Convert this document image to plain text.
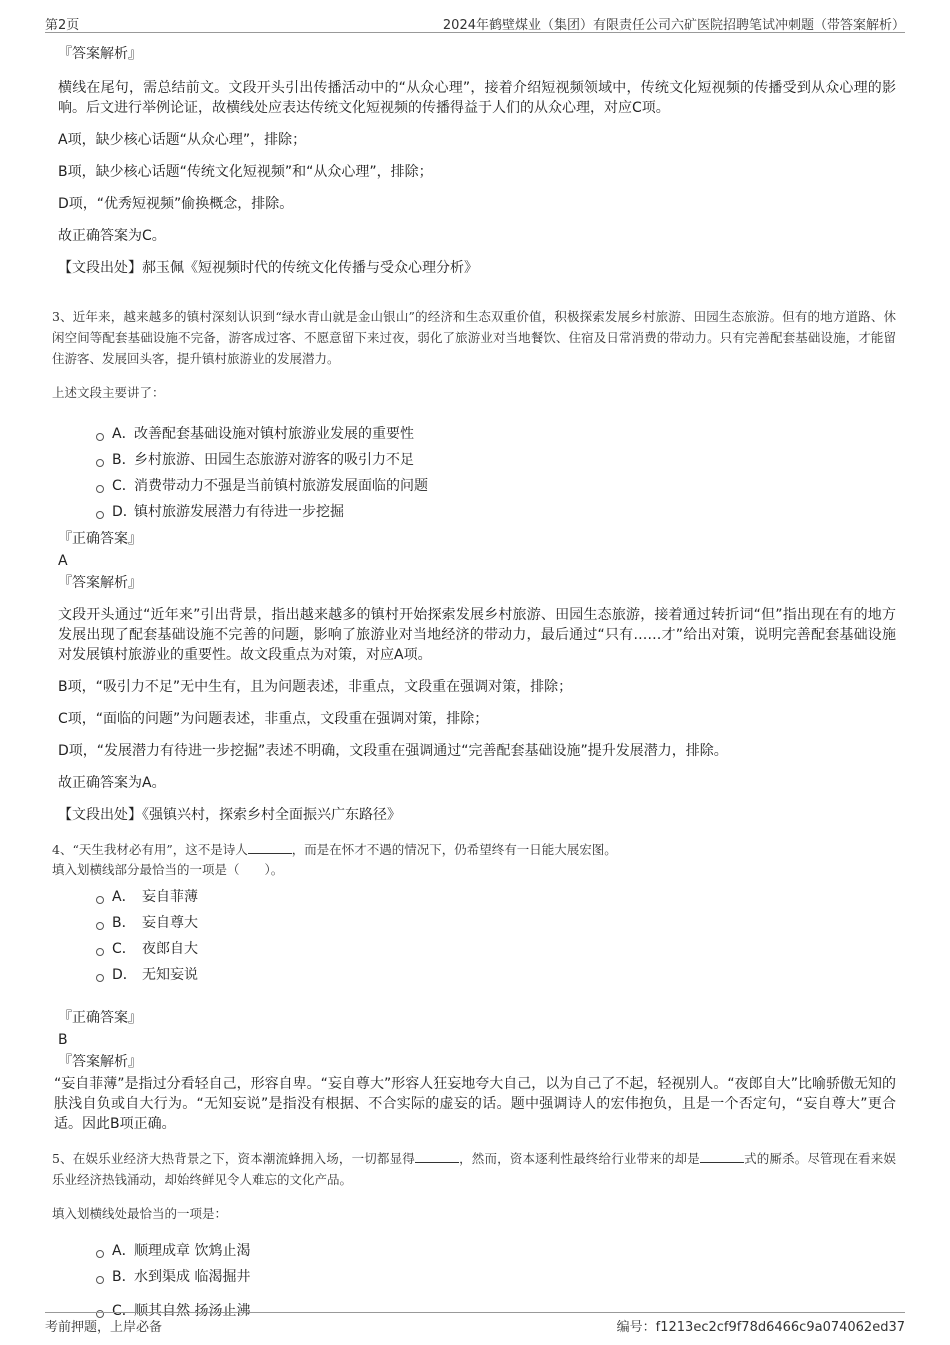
第2页	2024年鹤壁煤业（集团）有限责任公司六矿医院招聘笔试冲刺题（带答案解析）
『答案解析』
横线在尾句，需总结前文。文段开头引出传播活动中的“从众心理”，接着介绍短视频领域中，传统文化短视频的传播受到从众心理的影响。后文进行举例论证，故横线处应表达传统文化短视频的传播得益于人们的从众心理，对应C项。
A项，缺少核心话题“从众心理”，排除；
B项，缺少核心话题“传统文化短视频”和“从众心理”，排除；
D项，“优秀短视频”偷换概念，排除。
故正确答案为C。
【文段出处】郝玉佩《短视频时代的传统文化传播与受众心理分析》
3、近年来，越来越多的镇村深刻认识到“绿水青山就是金山银山”的经济和生态双重价值，积极探索发展乡村旅游、田园生态旅游。但有的地方道路、休闲空间等配套基础设施不完备，游客成过客、不愿意留下来过夜，弱化了旅游业对当地餐饮、住宿及日常消费的带动力。只有完善配套基础设施，才能留住游客、发展回头客，提升镇村旅游业的发展潜力。
上述文段主要讲了：
A．
改善配套基础设施对镇村旅游业发展的重要性
B．
乡村旅游、田园生态旅游对游客的吸引力不足
C．
消费带动力不强是当前镇村旅游发展面临的问题
D．
镇村旅游发展潜力有待进一步挖掘
『正确答案』
A
『答案解析』
文段开头通过“近年来”引出背景，指出越来越多的镇村开始探索发展乡村旅游、田园生态旅游，接着通过转折词“但”指出现在有的地方发展出现了配套基础设施不完善的问题，影响了旅游业对当地经济的带动力，最后通过“只有……才”给出对策，说明完善配套基础设施对发展镇村旅游业的重要性。故文段重点为对策，对应A项。
B项，“吸引力不足”无中生有，且为问题表述，非重点，文段重在强调对策，排除；
C项，“面临的问题”为问题表述，非重点，文段重在强调对策，排除；
D项，“发展潜力有待进一步挖掘”表述不明确，文段重在强调通过“完善配套基础设施”提升发展潜力，排除。
故正确答案为A。
【文段出处】《强镇兴村，探索乡村全面振兴广东路径》
4、“天生我材必有用”，这不是诗人	，而是在怀才不遇的情况下，仍希望终有一日能大展宏图。
填入划横线部分最恰当的一项是（　　）。
A． 妄自菲薄
B． 妄自尊大
C． 夜郎自大
D． 无知妄说
『正确答案』
B
『答案解析』
“妄自菲薄”是指过分看轻自己，形容自卑。“妄自尊大”形容人狂妄地夸大自己，以为自己了不起，轻视别人。“夜郎自大”比喻骄傲无知的肤浅自负或自大行为。“无知妄说”是指没有根据、不合实际的虚妄的话。题中强调诗人的宏伟抱负，且是一个否定句，“妄自尊大”更合适。因此B项正确。
5、在娱乐业经济大热背景之下，资本潮流蜂拥入场，一切都显得	，然而，资本逐利性最终给行业带来的却是	式的厮杀。尽管现在看来娱乐业经济热钱涌动，却始终鲜见令人难忘的文化产品。
填入划横线处最恰当的一项是：
A．
顺理成章 饮鸩止渴
B．
水到渠成 临渴掘井
C．
顺其自然 扬汤止沸
考前押题，上岸必备	编号：f1213ec2cf9f78d6466c9a074062ed37
